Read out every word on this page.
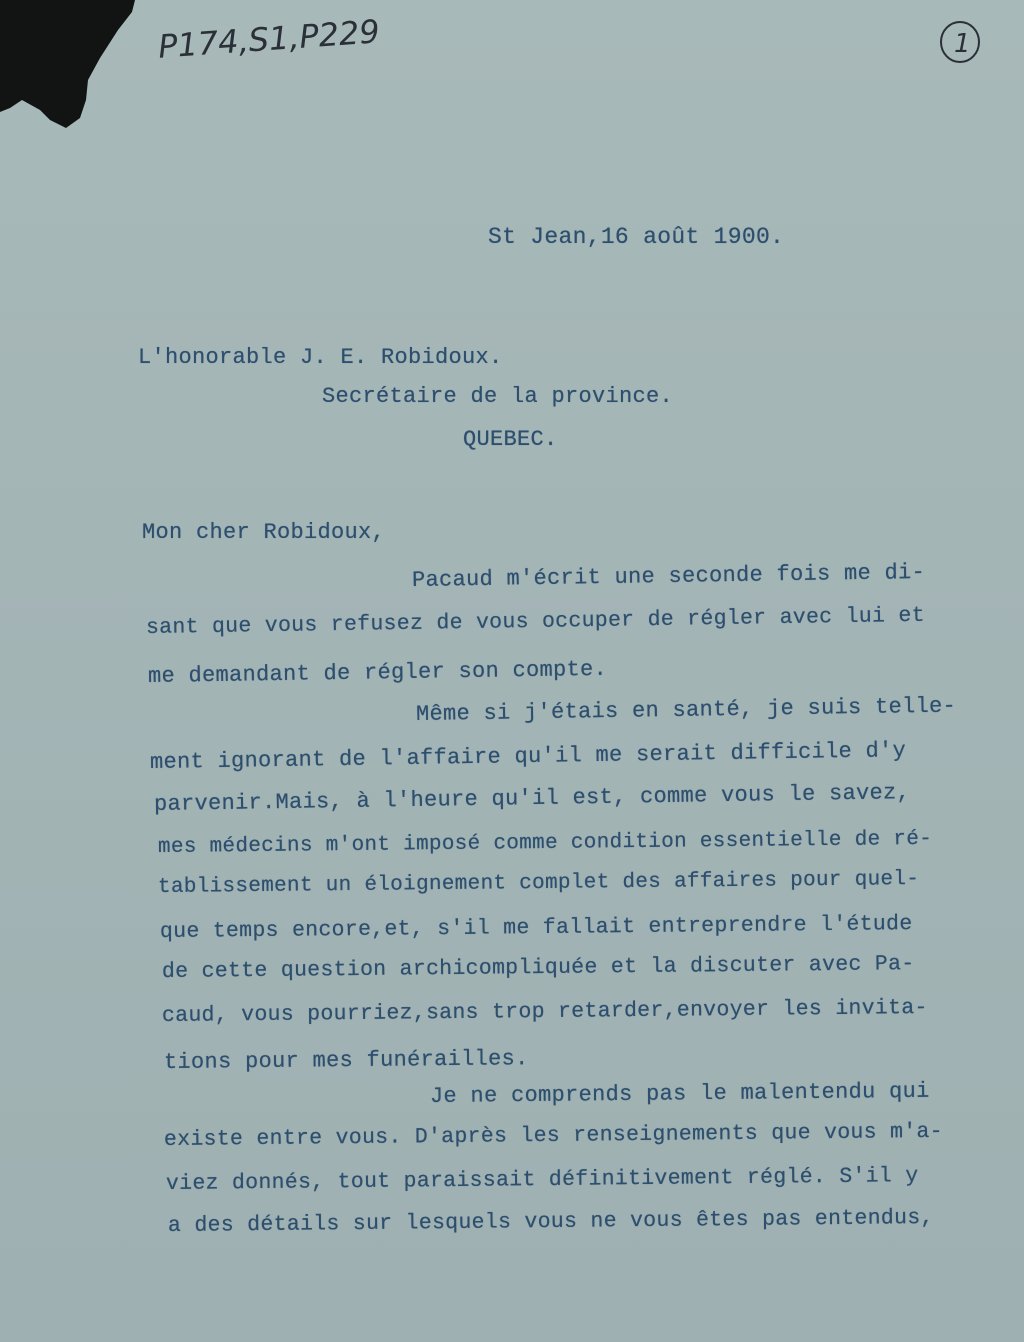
P174,S1,P229	1
St Jean,16 août 1900.
L'honorable J. E. Robidoux.
Secrétaire de la province.
QUEBEC.
Mon cher Robidoux,
Pacaud m'écrit une seconde fois me di-
sant que vous refusez de vous occuper de régler avec lui et
me demandant de régler son compte.
Même si j'étais en santé, je suis telle-
ment ignorant de l'affaire qu'il me serait difficile d'y
parvenir.Mais, à l'heure qu'il est, comme vous le savez,
mes médecins m'ont imposé comme condition essentielle de ré-
tablissement un éloignement complet des affaires pour quel-
que temps encore,et, s'il me fallait entreprendre l'étude
de cette question archicompliquée et la discuter avec Pa-
caud, vous pourriez,sans trop retarder,envoyer les invita-
tions pour mes funérailles.
Je ne comprends pas le malentendu qui
existe entre vous. D'après les renseignements que vous m'a-
viez donnés, tout paraissait définitivement réglé. S'il y
a des détails sur lesquels vous ne vous êtes pas entendus,
